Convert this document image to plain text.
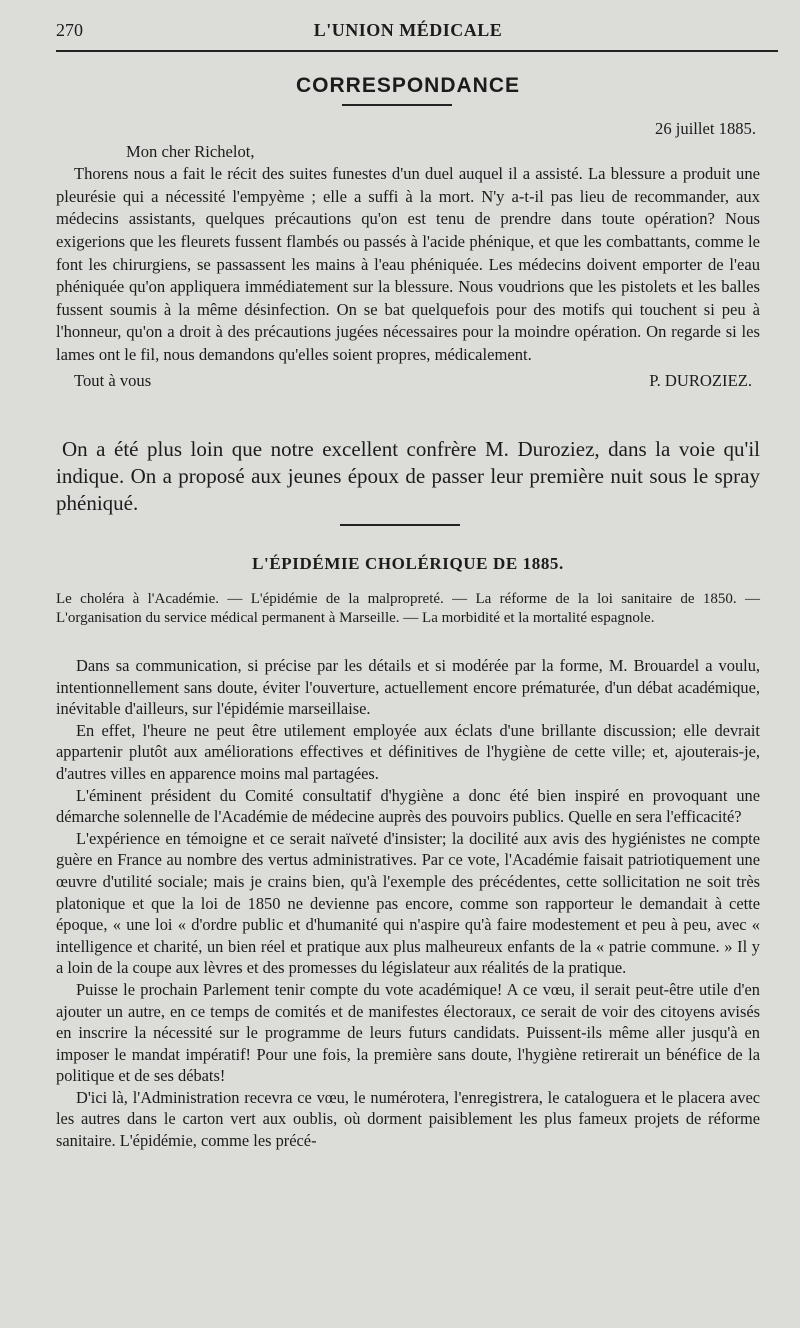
270	L'UNION MÉDICALE
CORRESPONDANCE
26 juillet 1885.
Mon cher Richelot,

Thorens nous a fait le récit des suites funestes d'un duel auquel il a assisté. La blessure a produit une pleurésie qui a nécessité l'empyème ; elle a suffi à la mort. N'y a-t-il pas lieu de recommander, aux médecins assistants, quelques précautions qu'on est tenu de prendre dans toute opération? Nous exigerions que les fleurets fussent flambés ou passés à l'acide phénique, et que les combattants, comme le font les chirurgiens, se passassent les mains à l'eau phéniquée. Les médecins doivent emporter de l'eau phéniquée qu'on appliquera immédiatement sur la blessure. Nous voudrions que les pistolets et les balles fussent soumis à la même désinfection. On se bat quelquefois pour des motifs qui touchent si peu à l'honneur, qu'on a droit à des précautions jugées nécessaires pour la moindre opération. On regarde si les lames ont le fil, nous demandons qu'elles soient propres, médicalement.

Tout à vous	P. DUROZIEZ.
On a été plus loin que notre excellent confrère M. Duroziez, dans la voie qu'il indique. On a proposé aux jeunes époux de passer leur première nuit sous le spray phéniqué.
L'ÉPIDÉMIE CHOLÉRIQUE DE 1885.
Le choléra à l'Académie. — L'épidémie de la malpropreté. — La réforme de la loi sanitaire de 1850. — L'organisation du service médical permanent à Marseille. — La morbidité et la mortalité espagnole.

Dans sa communication, si précise par les détails et si modérée par la forme, M. Brouardel a voulu, intentionnellement sans doute, éviter l'ouverture, actuellement encore prématurée, d'un débat académique, inévitable d'ailleurs, sur l'épidémie marseillaise.

En effet, l'heure ne peut être utilement employée aux éclats d'une brillante discussion; elle devrait appartenir plutôt aux améliorations effectives et définitives de l'hygiène de cette ville; et, ajouterais-je, d'autres villes en apparence moins mal partagées.

L'éminent président du Comité consultatif d'hygiène a donc été bien inspiré en provoquant une démarche solennelle de l'Académie de médecine auprès des pouvoirs publics. Quelle en sera l'efficacité?

L'expérience en témoigne et ce serait naïveté d'insister; la docilité aux avis des hygiénistes ne compte guère en France au nombre des vertus administratives. Par ce vote, l'Académie faisait patriotiquement une œuvre d'utilité sociale; mais je crains bien, qu'à l'exemple des précédentes, cette sollicitation ne soit très platonique et que la loi de 1850 ne devienne pas encore, comme son rapporteur le demandait à cette époque, « une loi « d'ordre public et d'humanité qui n'aspire qu'à faire modestement et peu à peu, avec « intelligence et charité, un bien réel et pratique aux plus malheureux enfants de la « patrie commune. » Il y a loin de la coupe aux lèvres et des promesses du législateur aux réalités de la pratique.

Puisse le prochain Parlement tenir compte du vote académique! A ce vœu, il serait peut-être utile d'en ajouter un autre, en ce temps de comités et de manifestes électoraux, ce serait de voir des citoyens avisés en inscrire la nécessité sur le programme de leurs futurs candidats. Puissent-ils même aller jusqu'à en imposer le mandat impératif! Pour une fois, la première sans doute, l'hygiène retirerait un bénéfice de la politique et de ses débats!

D'ici là, l'Administration recevra ce vœu, le numérotera, l'enregistrera, le cataloguera et le placera avec les autres dans le carton vert aux oublis, où dorment paisiblement les plus fameux projets de réforme sanitaire. L'épidémie, comme les précé-
